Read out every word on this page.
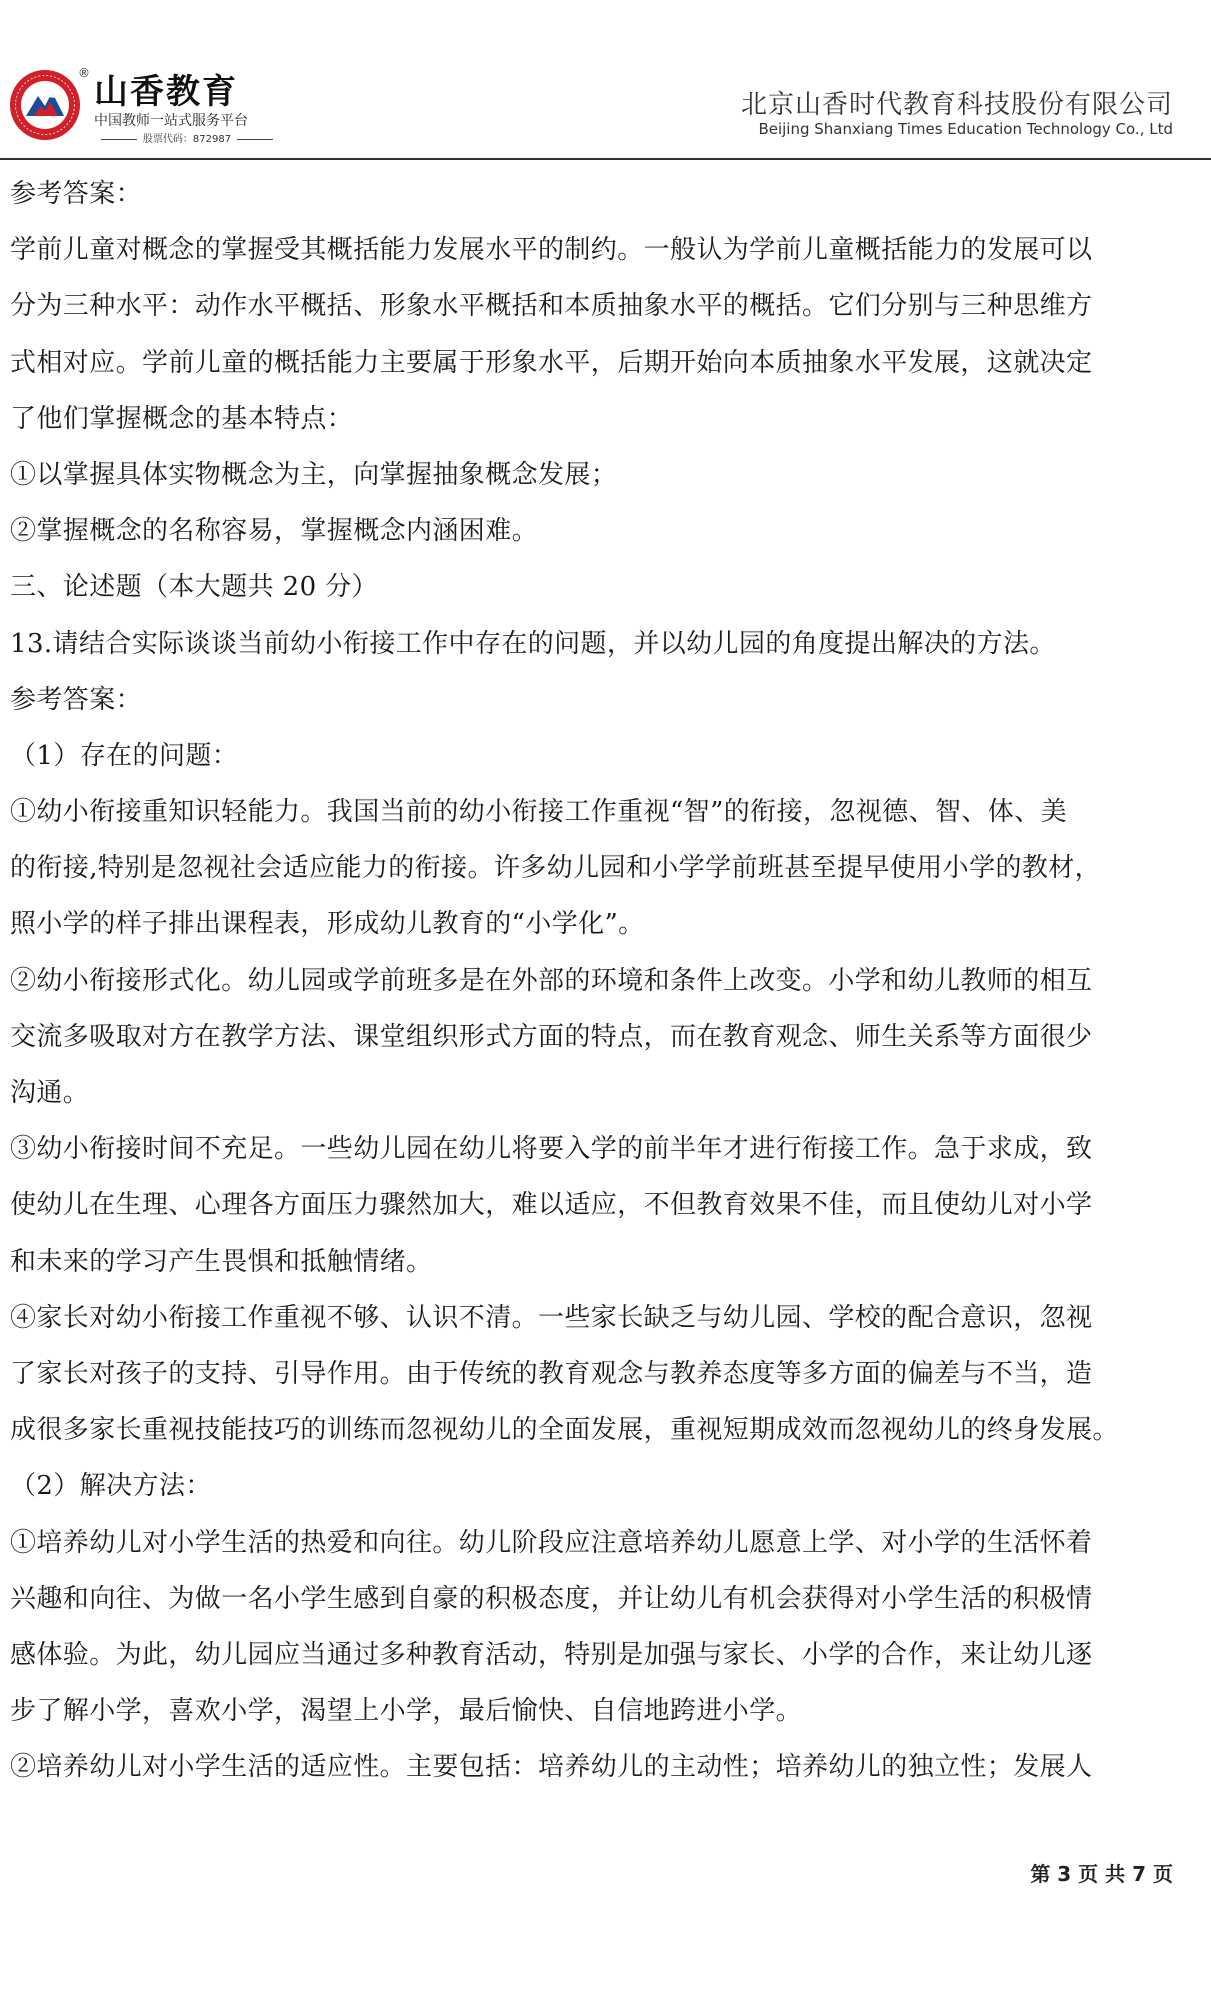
® 山香教育
中国教师一站式服务平台
股票代码：872987
北京山香时代教育科技股份有限公司
Beijing Shanxiang Times Education Technology Co., Ltd
参考答案：
学前儿童对概念的掌握受其概括能力发展水平的制约。一般认为学前儿童概括能力的发展可以
分为三种水平：动作水平概括、形象水平概括和本质抽象水平的概括。它们分别与三种思维方
式相对应。学前儿童的概括能力主要属于形象水平，后期开始向本质抽象水平发展，这就决定
了他们掌握概念的基本特点：
①以掌握具体实物概念为主，向掌握抽象概念发展；
②掌握概念的名称容易，掌握概念内涵困难。
三、论述题（本大题共 20 分）
13.请结合实际谈谈当前幼小衔接工作中存在的问题，并以幼儿园的角度提出解决的方法。
参考答案：
（1）存在的问题：
①幼小衔接重知识轻能力。我国当前的幼小衔接工作重视“智”的衔接，忽视德、智、体、美
的衔接,特别是忽视社会适应能力的衔接。许多幼儿园和小学学前班甚至提早使用小学的教材，
照小学的样子排出课程表，形成幼儿教育的“小学化”。
②幼小衔接形式化。幼儿园或学前班多是在外部的环境和条件上改变。小学和幼儿教师的相互
交流多吸取对方在教学方法、课堂组织形式方面的特点，而在教育观念、师生关系等方面很少
沟通。
③幼小衔接时间不充足。一些幼儿园在幼儿将要入学的前半年才进行衔接工作。急于求成，致
使幼儿在生理、心理各方面压力骤然加大，难以适应，不但教育效果不佳，而且使幼儿对小学
和未来的学习产生畏惧和抵触情绪。
④家长对幼小衔接工作重视不够、认识不清。一些家长缺乏与幼儿园、学校的配合意识，忽视
了家长对孩子的支持、引导作用。由于传统的教育观念与教养态度等多方面的偏差与不当，造
成很多家长重视技能技巧的训练而忽视幼儿的全面发展，重视短期成效而忽视幼儿的终身发展。
（2）解决方法：
①培养幼儿对小学生活的热爱和向往。幼儿阶段应注意培养幼儿愿意上学、对小学的生活怀着
兴趣和向往、为做一名小学生感到自豪的积极态度，并让幼儿有机会获得对小学生活的积极情
感体验。为此，幼儿园应当通过多种教育活动，特别是加强与家长、小学的合作，来让幼儿逐
步了解小学，喜欢小学，渴望上小学，最后愉快、自信地跨进小学。
②培养幼儿对小学生活的适应性。主要包括：培养幼儿的主动性；培养幼儿的独立性；发展人
第 3 页 共 7 页
